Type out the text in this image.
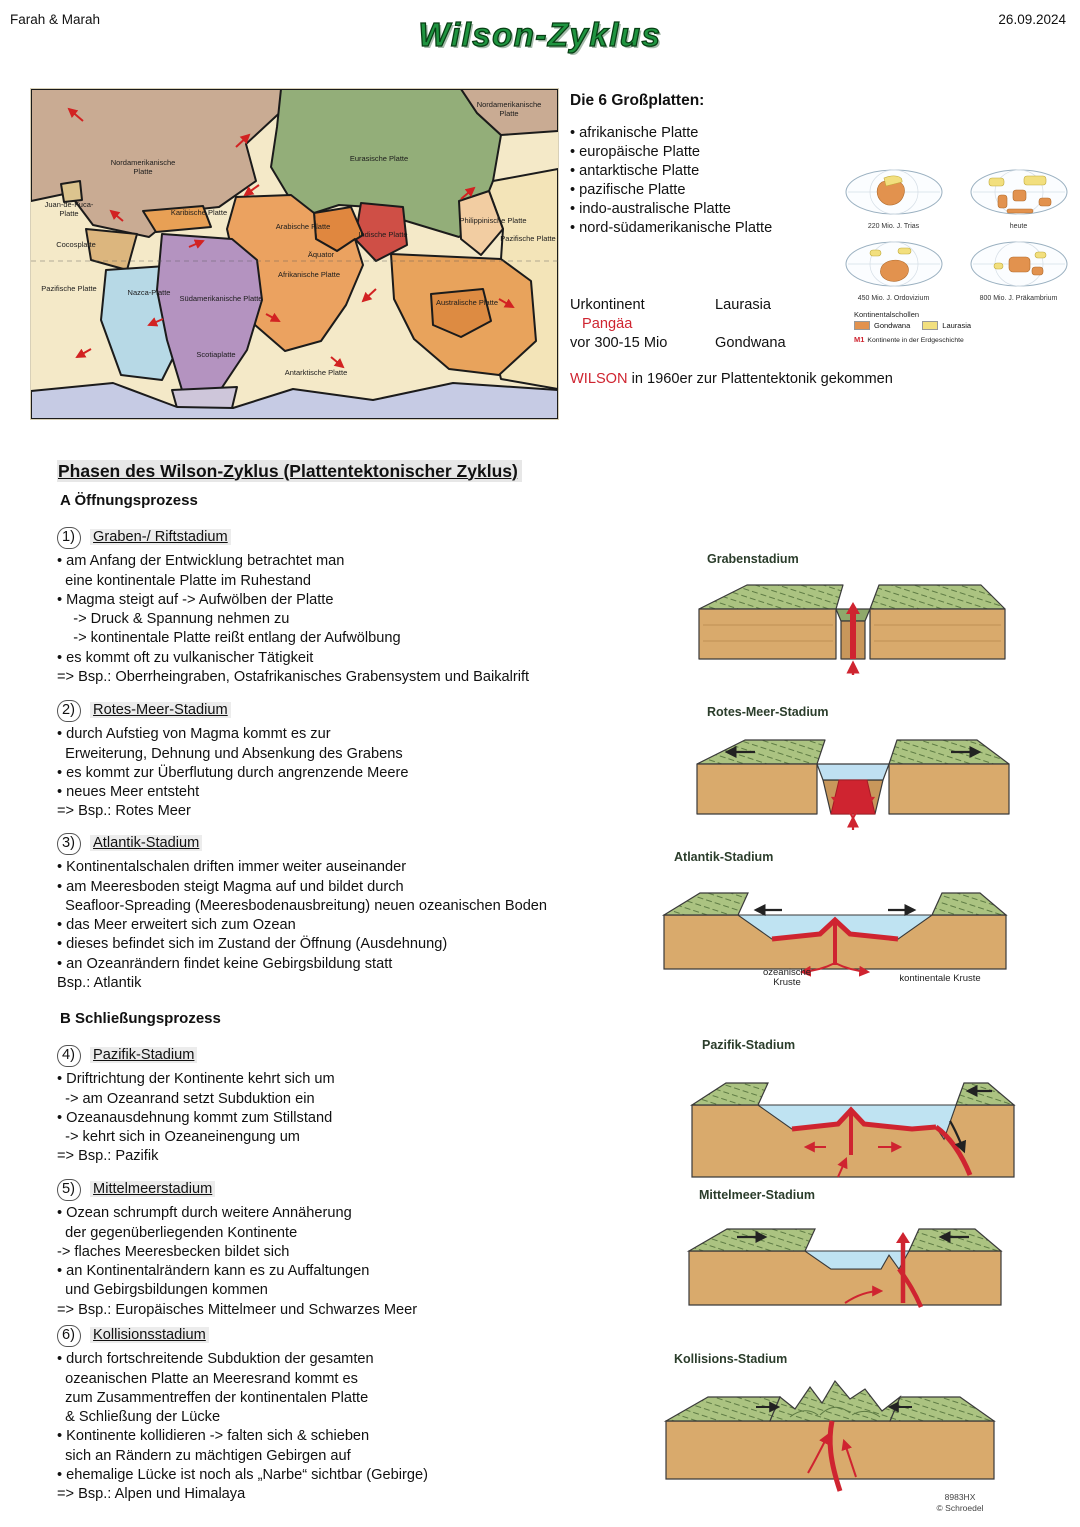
Farah & Marah	26.09.2024
Wilson-Zyklus
Nordamerikanische Platte
Nordamerikanische Platte
Eurasische Platte
Juan-de-Fuca-Platte	Karibische Platte
Arabische Platte
Indische Platte
Philippinische Platte
Cocosplatte
Pazifische Platte
Äquator
Afrikanische Platte
Pazifische Platte	Nazca-Platte
Südamerikanische Platte	Australische Platte
Scotiaplatte
Antarktische Platte
Die 6 Großplatten:
• afrikanische Platte
• europäische Platte
• antarktische Platte
• pazifische Platte
• indo-australische Platte
• nord-südamerikanische Platte
Urkontinent	Laurasia
Pangäa
vor 300-15 Mio	Gondwana
WILSON in 1960er zur Plattentektonik gekommen
220 Mio. J. Trias	heute
450 Mio. J. Ordovizium	800 Mio. J. Präkambrium
Kontinentalschollen
Gondwana	Laurasia
M1 Kontinente in der Erdgeschichte
Phasen des Wilson-Zyklus (Plattentektonischer Zyklus)
A Öffnungsprozess
B Schließungsprozess
1) Graben-/ Riftstadium
• am Anfang der Entwicklung betrachtet man
eine kontinentale Platte im Ruhestand
• Magma steigt auf -> Aufwölben der Platte
-> Druck & Spannung nehmen zu
-> kontinentale Platte reißt entlang der Aufwölbung
• es kommt oft zu vulkanischer Tätigkeit
=> Bsp.: Oberrheingraben, Ostafrikanisches Grabensystem und Baikalrift
2) Rotes-Meer-Stadium
• durch Aufstieg von Magma kommt es zur
Erweiterung, Dehnung und Absenkung des Grabens
• es kommt zur Überflutung durch angrenzende Meere
• neues Meer entsteht
=> Bsp.: Rotes Meer
3) Atlantik-Stadium
• Kontinentalschalen driften immer weiter auseinander
• am Meeresboden steigt Magma auf und bildet durch
Seafloor-Spreading (Meeresbodenausbreitung) neuen ozeanischen Boden
• das Meer erweitert sich zum Ozean
• dieses befindet sich im Zustand der Öffnung (Ausdehnung)
• an Ozeanrändern findet keine Gebirgsbildung statt
Bsp.: Atlantik
4) Pazifik-Stadium
• Driftrichtung der Kontinente kehrt sich um
-> am Ozeanrand setzt Subduktion ein
• Ozeanausdehnung kommt zum Stillstand
-> kehrt sich in Ozeaneinengung um
=> Bsp.: Pazifik
5) Mittelmeerstadium
• Ozean schrumpft durch weitere Annäherung
der gegenüberliegenden Kontinente
-> flaches Meeresbecken bildet sich
• an Kontinentalrändern kann es zu Auffaltungen
und Gebirgsbildungen kommen
=> Bsp.: Europäisches Mittelmeer und Schwarzes Meer
6) Kollisionsstadium
• durch fortschreitende Subduktion der gesamten
ozeanischen Platte an Meeresrand kommt es
zum Zusammentreffen der kontinentalen Platte
& Schließung der Lücke
• Kontinente kollidieren -> falten sich & schieben
sich an Rändern zu mächtigen Gebirgen auf
• ehemalige Lücke ist noch als „Narbe“ sichtbar (Gebirge)
=> Bsp.: Alpen und Himalaya
Grabenstadium
Rotes-Meer-Stadium
Atlantik-Stadium
ozeanische Kruste	kontinentale Kruste
Pazifik-Stadium
Mittelmeer-Stadium
Kollisions-Stadium
8983HX
© Schroedel
